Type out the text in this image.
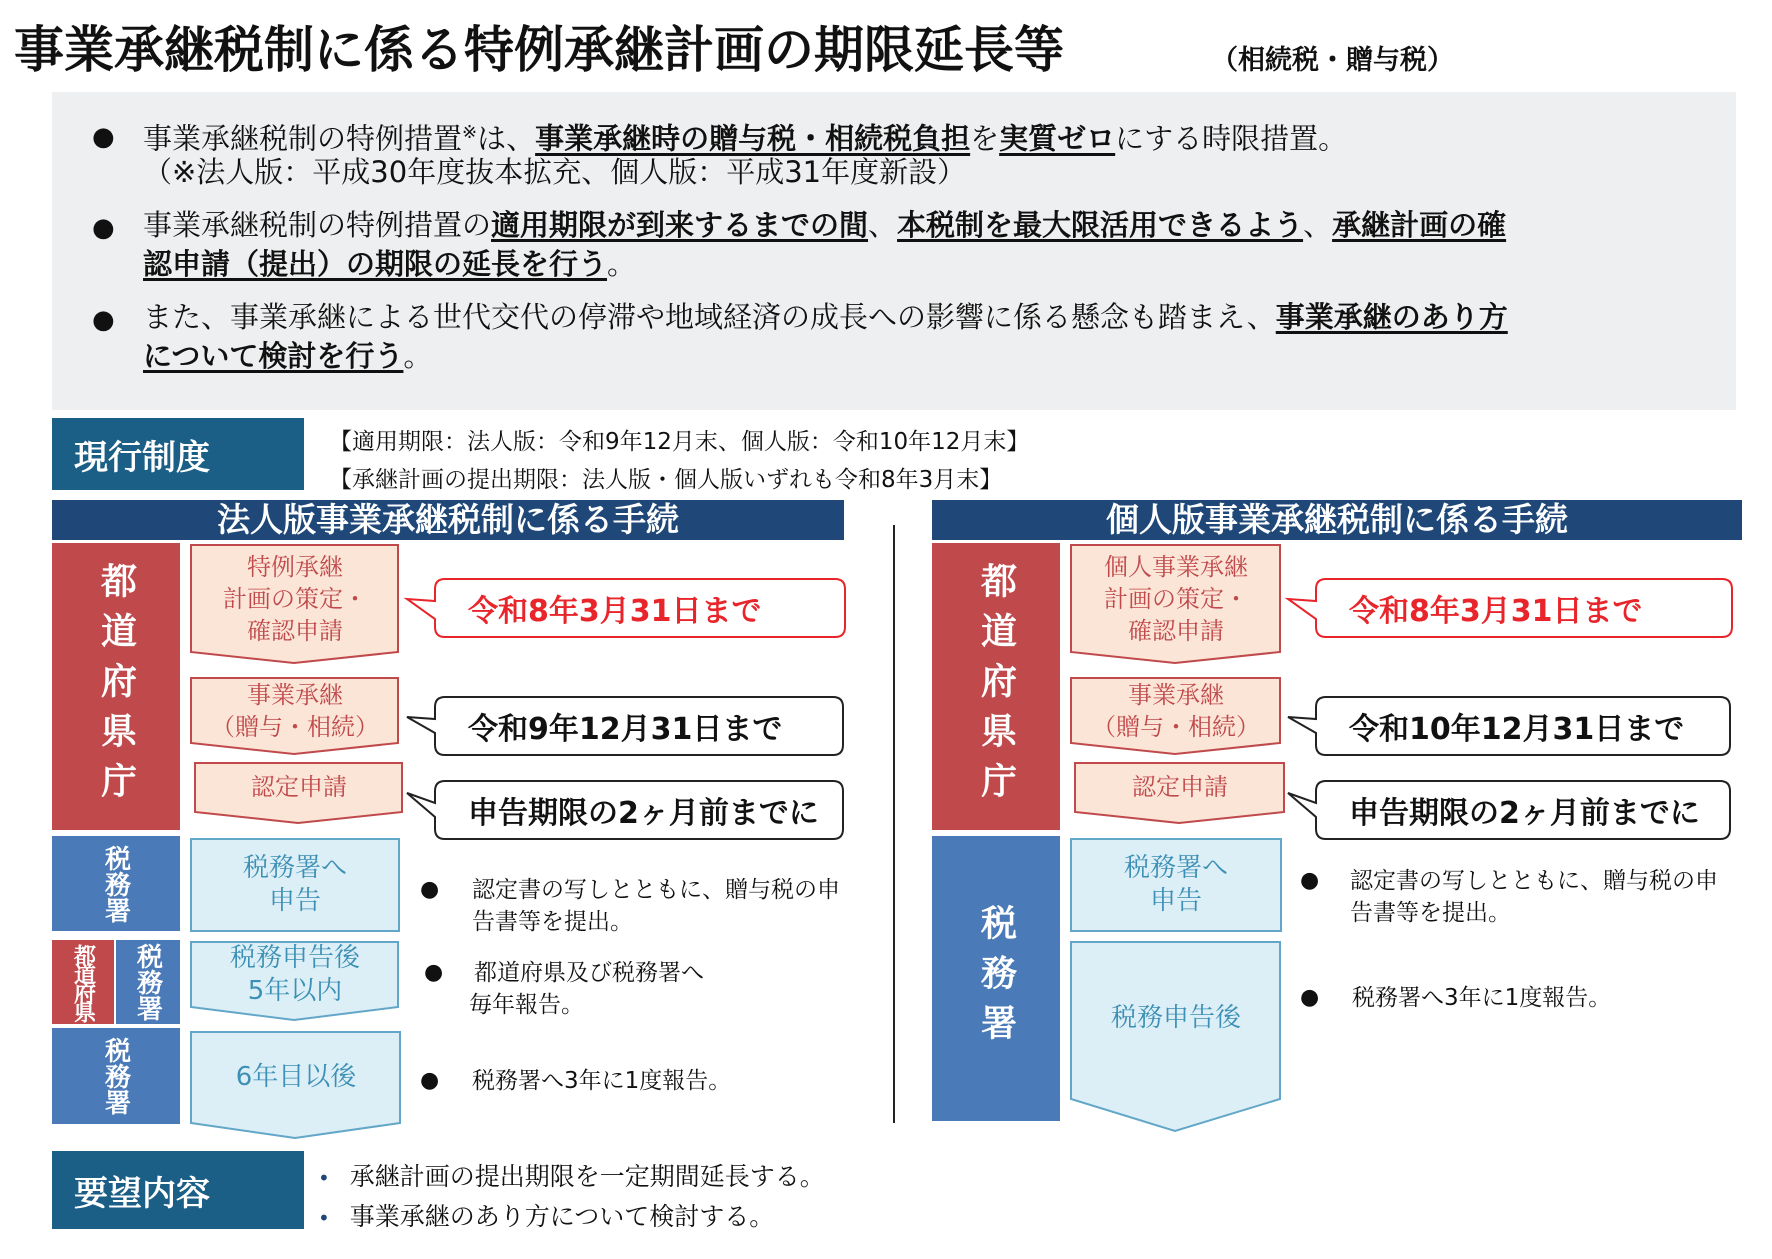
事業承継税制に係る特例承継計画の期限延長等	（相続税・贈与税）
● 事業承継税制の特例措置※は、事業承継時の贈与税・相続税負担を実質ゼロにする時限措置。
（※法人版：平成30年度抜本拡充、個人版：平成31年度新設）
● 事業承継税制の特例措置の適用期限が到来するまでの間、本税制を最大限活用できるよう、承継計画の確
認申請（提出）の期限の延長を行う。
● また、事業承継による世代交代の停滞や地域経済の成長への影響に係る懸念も踏まえ、事業承継のあり方
について検討を行う。
現行制度	【適用期限：法人版：令和9年12月末、個人版：令和10年12月末】
【承継計画の提出期限：法人版・個人版いずれも令和8年3月末】
法人版事業承継税制に係る手続	個人版事業承継税制に係る手続
都道府県庁
税務署
都道府県	税務署
税務署
特例承継
計画の策定・
確認申請
事業承継
（贈与・相続）
認定申請
税務署へ
申告
税務申告後
5年以内
6年目以後
令和8年3月31日まで
令和9年12月31日まで
申告期限の2ヶ月前までに
●	認定書の写しとともに、贈与税の申告書等を提出。
●	都道府県及び税務署へ
毎年報告。
●	税務署へ3年に1度報告。
都道府県庁
税務署
個人事業承継
計画の策定・
確認申請
事業承継
（贈与・相続）
認定申請
税務署へ
申告
税務申告後
令和8年3月31日まで
令和10年12月31日まで
申告期限の2ヶ月前までに
●	認定書の写しとともに、贈与税の申告書等を提出。
●	税務署へ3年に1度報告。
要望内容	• 承継計画の提出期限を一定期間延長する。
• 事業承継のあり方について検討する。
